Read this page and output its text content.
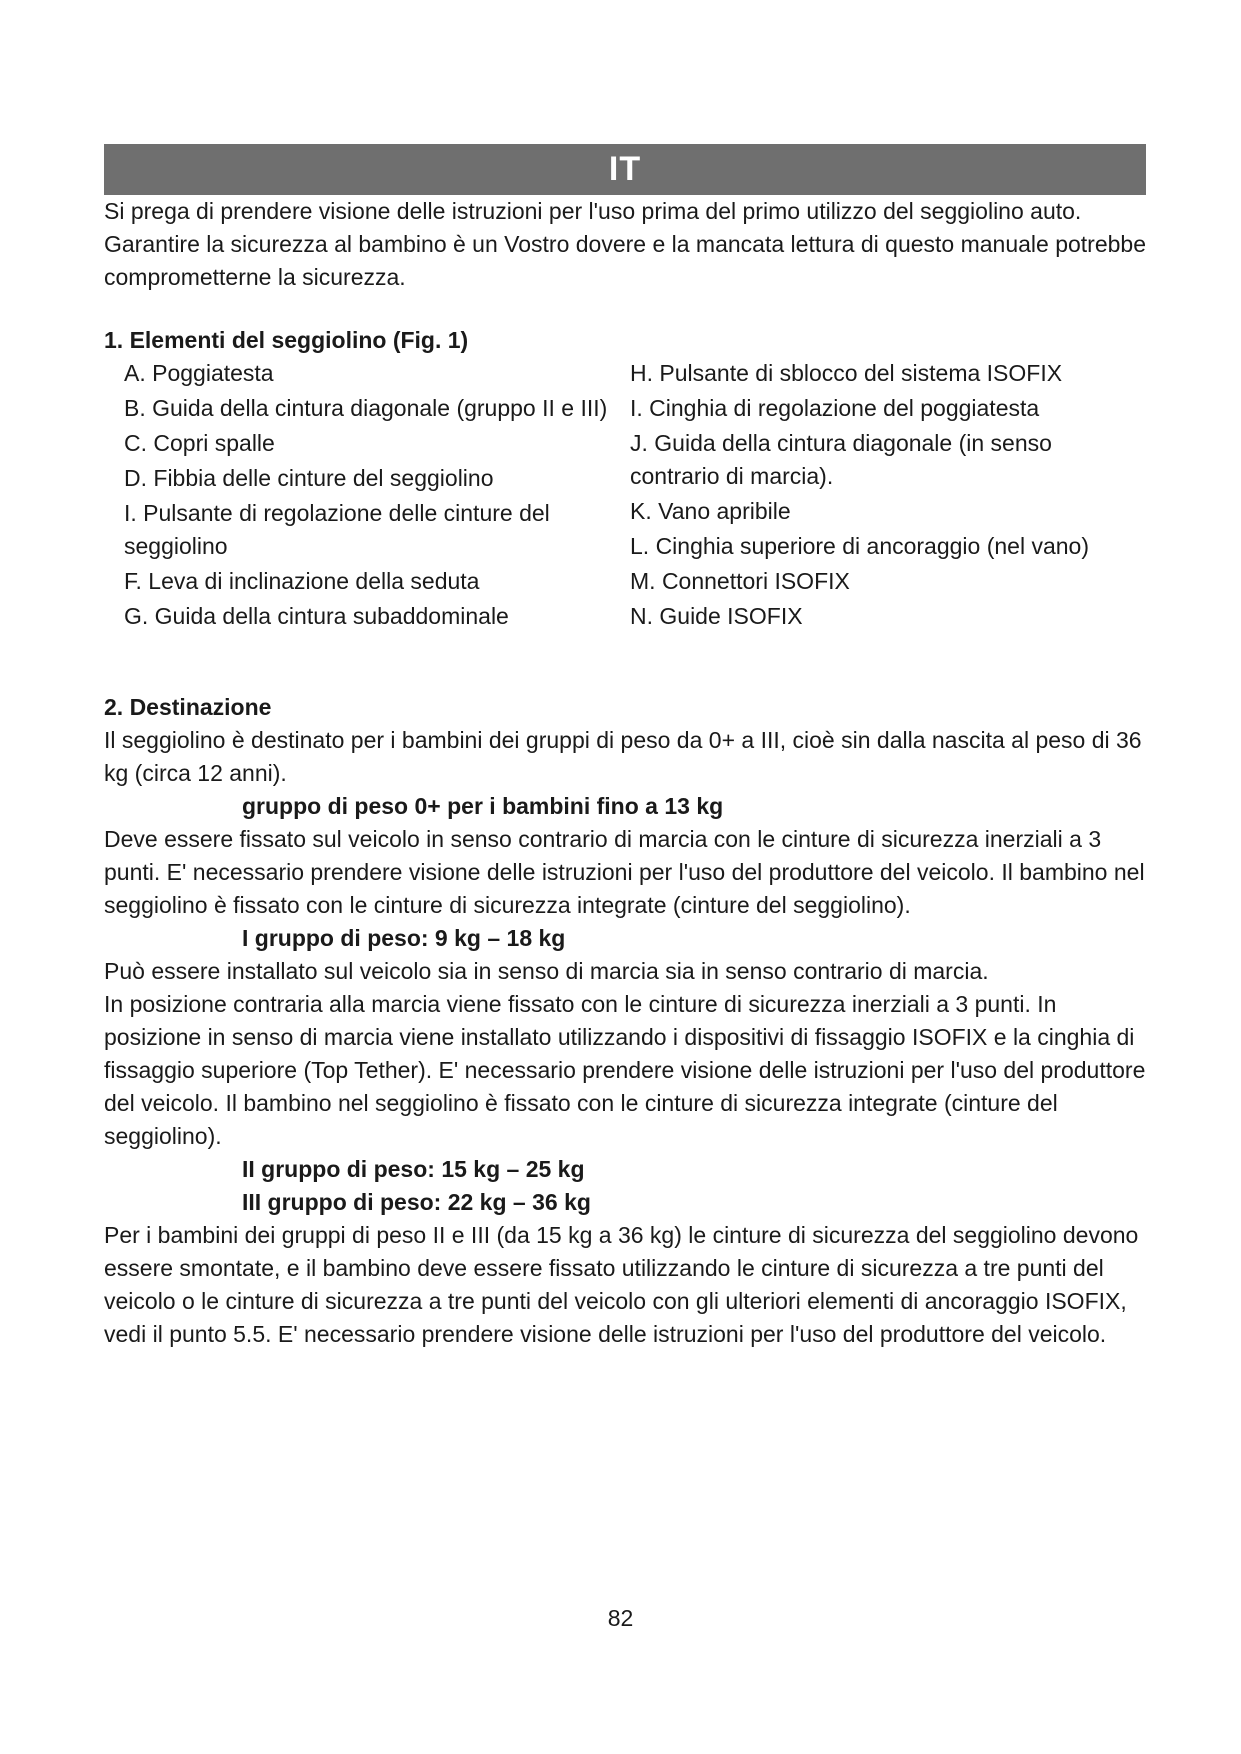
IT

Si prega di prendere visione delle istruzioni per l'uso prima del primo utilizzo del seggiolino auto. Garantire la sicurezza al bambino è un Vostro dovere e la mancata lettura di questo manuale potrebbe comprometterne la sicurezza.

1. Elementi del seggiolino (Fig. 1)

A. Poggiatesta
B. Guida della cintura diagonale (gruppo II e III)
C. Copri spalle
D. Fibbia delle cinture del seggiolino
I. Pulsante di regolazione delle cinture del seggiolino
F. Leva di inclinazione della seduta
G. Guida della cintura subaddominale
H. Pulsante di sblocco del sistema ISOFIX
I. Cinghia di regolazione del poggiatesta
J. Guida della cintura diagonale (in senso contrario di marcia).
K. Vano apribile
L. Cinghia superiore di ancoraggio (nel vano)
M. Connettori ISOFIX
N. Guide ISOFIX

2. Destinazione

Il seggiolino è destinato per i bambini dei gruppi di peso da 0+ a III, cioè sin dalla nascita al peso di 36 kg (circa 12 anni).

gruppo di peso 0+ per i bambini fino a 13 kg

Deve essere fissato sul veicolo in senso contrario di marcia con le cinture di sicurezza inerziali a 3 punti. E' necessario prendere visione delle istruzioni per l'uso del produttore del veicolo. Il bambino nel seggiolino è fissato con le cinture di sicurezza integrate (cinture del seggiolino).

I gruppo di peso: 9 kg – 18 kg

Può essere installato sul veicolo sia in senso di marcia sia in senso contrario di marcia.

In posizione contraria alla marcia viene fissato con le cinture di sicurezza inerziali a 3 punti. In posizione in senso di marcia viene installato utilizzando i dispositivi di fissaggio ISOFIX e la cinghia di fissaggio superiore (Top Tether). E' necessario prendere visione delle istruzioni per l'uso del produttore del veicolo. Il bambino nel seggiolino è fissato con le cinture di sicurezza integrate (cinture del seggiolino).

II gruppo di peso: 15 kg – 25 kg

III gruppo di peso: 22 kg – 36 kg

Per i bambini dei gruppi di peso II e III (da 15 kg a 36 kg) le cinture di sicurezza del seggiolino devono essere smontate, e il bambino deve essere fissato utilizzando le cinture di sicurezza a tre punti del veicolo o le cinture di sicurezza a tre punti del veicolo con gli ulteriori elementi di ancoraggio ISOFIX, vedi il punto 5.5. E' necessario prendere visione delle istruzioni per l'uso del produttore del veicolo.

82
